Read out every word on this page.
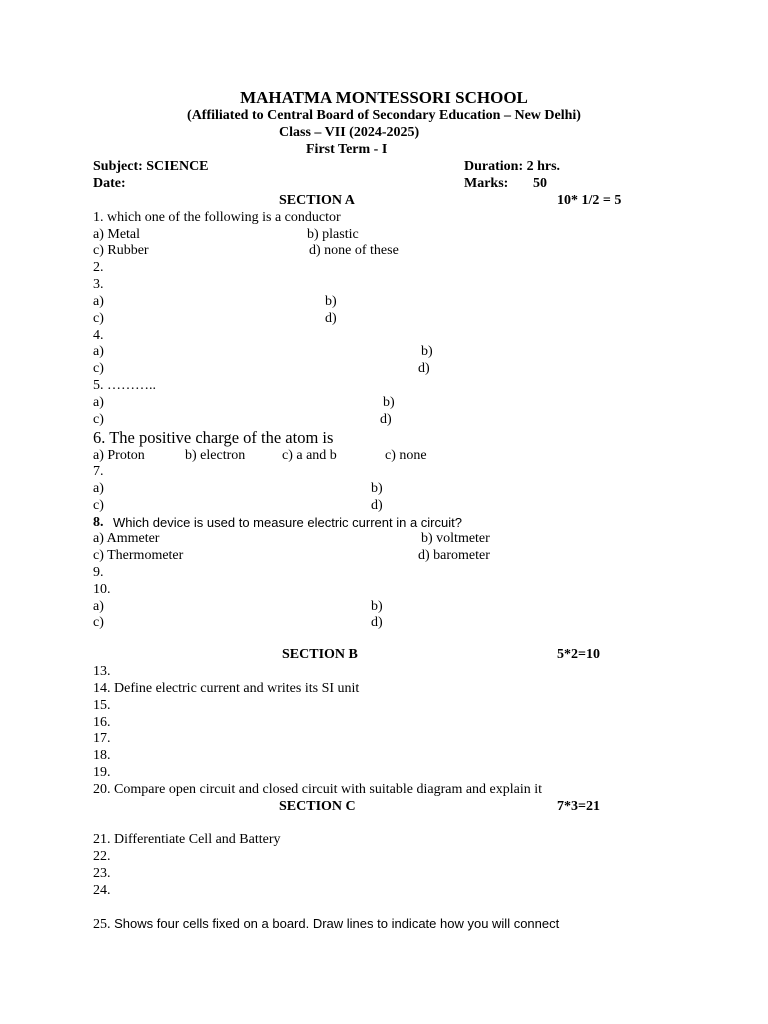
MAHATMA MONTESSORI SCHOOL
(Affiliated to Central Board of Secondary Education – New Delhi)
Class – VII (2024-2025)
First Term - I
Subject: SCIENCE	Duration: 2 hrs.
Date:	Marks: 50
SECTION A	10* 1/2 = 5
1. which one of the following is a conductor
a) Metal	b) plastic
c) Rubber	d) none of these
2.
3.
a)	b)
c)	d)
4.
a)	b)
c)	d)
5. ………..
a)	b)
c)	d)
6. The positive charge of the atom is
a) Proton	b) electron	c) a and b	c) none
7.
a)	b)
c)	d)
8. Which device is used to measure electric current in a circuit?
a) Ammeter	b) voltmeter
c) Thermometer	d) barometer
9.
10.
a)	b)
c)	d)
SECTION B	5*2=10
13.
14. Define electric current and writes its SI unit
15.
16.
17.
18.
19.
20. Compare open circuit and closed circuit with suitable diagram and explain it
SECTION C	7*3=21
21. Differentiate Cell and Battery
22.
23.
24.
25. Shows four cells fixed on a board. Draw lines to indicate how you will connect
